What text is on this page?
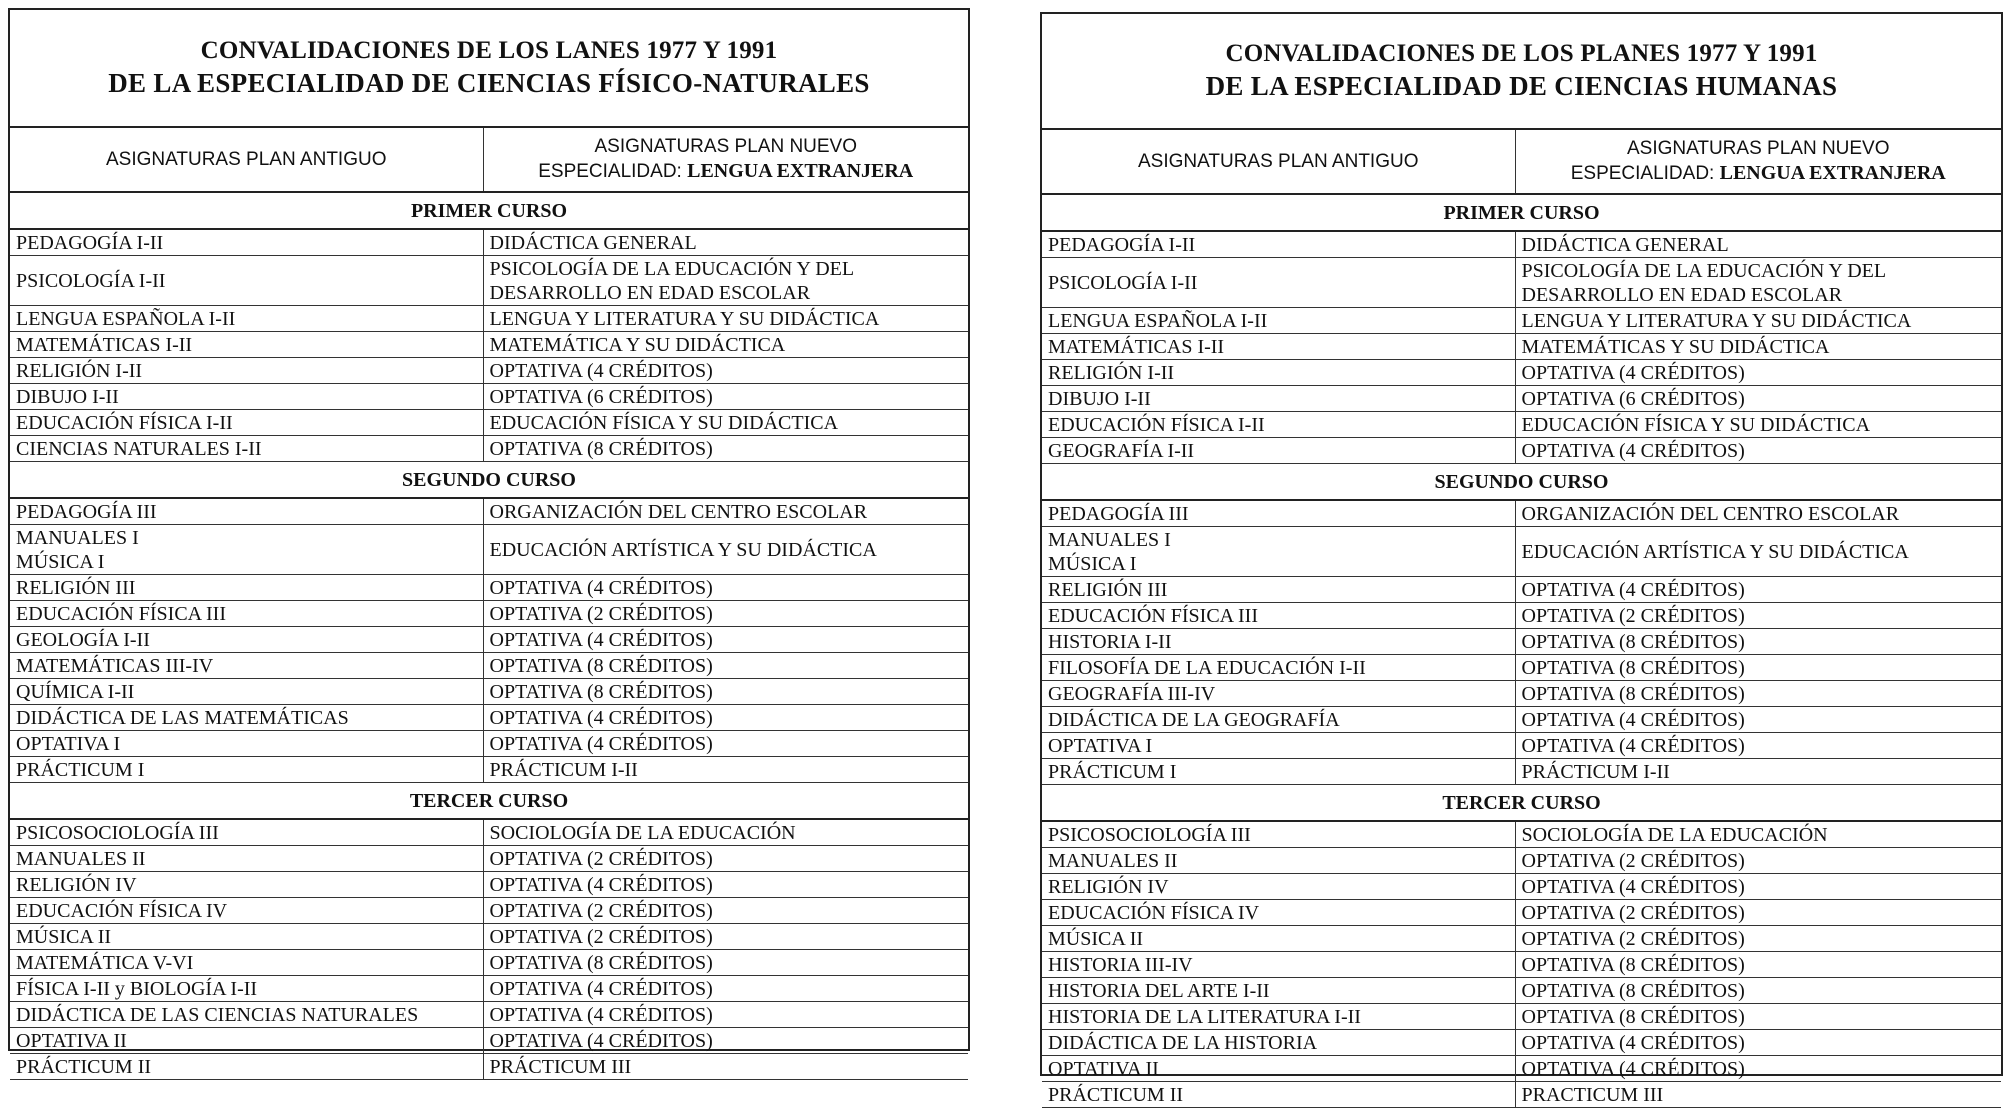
CONVALIDACIONES DE LOS LANES 1977 Y 1991
DE LA ESPECIALIDAD DE CIENCIAS FÍSICO-NATURALES
ASIGNATURAS PLAN ANTIGUO	ASIGNATURAS PLAN NUEVO
ESPECIALIDAD: LENGUA EXTRANJERA

PRIMER CURSO	

PEDAGOGÍA I-II	DIDÁCTICA GENERAL

PSICOLOGÍA I-II	PSICOLOGÍA DE LA EDUCACIÓN Y DEL
DESARROLLO EN EDAD ESCOLAR

LENGUA ESPAÑOLA I-II	LENGUA Y LITERATURA Y SU DIDÁCTICA

MATEMÁTICAS I-II	MATEMÁTICA Y SU DIDÁCTICA

RELIGIÓN I-II	OPTATIVA (4 CRÉDITOS)

DIBUJO I-II	OPTATIVA (6 CRÉDITOS)

EDUCACIÓN FÍSICA I-II	EDUCACIÓN FÍSICA Y SU DIDÁCTICA

CIENCIAS NATURALES I-II	OPTATIVA (8 CRÉDITOS)

SEGUNDO CURSO	

PEDAGOGÍA III	ORGANIZACIÓN DEL CENTRO ESCOLAR

MANUALES I
MÚSICA I	EDUCACIÓN ARTÍSTICA Y SU DIDÁCTICA

RELIGIÓN III	OPTATIVA (4 CRÉDITOS)

EDUCACIÓN FÍSICA III	OPTATIVA (2 CRÉDITOS)

GEOLOGÍA I-II	OPTATIVA (4 CRÉDITOS)

MATEMÁTICAS III-IV	OPTATIVA (8 CRÉDITOS)

QUÍMICA I-II	OPTATIVA (8 CRÉDITOS)

DIDÁCTICA DE LAS MATEMÁTICAS	OPTATIVA (4 CRÉDITOS)

OPTATIVA I	OPTATIVA (4 CRÉDITOS)

PRÁCTICUM I	PRÁCTICUM I-II

TERCER CURSO	

PSICOSOCIOLOGÍA III	SOCIOLOGÍA DE LA EDUCACIÓN

MANUALES II	OPTATIVA (2 CRÉDITOS)

RELIGIÓN IV	OPTATIVA (4 CRÉDITOS)

EDUCACIÓN FÍSICA IV	OPTATIVA (2 CRÉDITOS)

MÚSICA II	OPTATIVA (2 CRÉDITOS)

MATEMÁTICA V-VI	OPTATIVA (8 CRÉDITOS)

FÍSICA I-II y BIOLOGÍA I-II	OPTATIVA (4 CRÉDITOS)

DIDÁCTICA DE LAS CIENCIAS NATURALES	OPTATIVA (4 CRÉDITOS)

OPTATIVA II	OPTATIVA (4 CRÉDITOS)

PRÁCTICUM II	PRÁCTICUM III
CONVALIDACIONES DE LOS PLANES 1977 Y 1991
DE LA ESPECIALIDAD DE CIENCIAS HUMANAS
ASIGNATURAS PLAN ANTIGUO	ASIGNATURAS PLAN NUEVO
ESPECIALIDAD: LENGUA EXTRANJERA

PRIMER CURSO	

PEDAGOGÍA I-II	DIDÁCTICA GENERAL

PSICOLOGÍA I-II	PSICOLOGÍA DE LA EDUCACIÓN Y DEL
DESARROLLO EN EDAD ESCOLAR

LENGUA ESPAÑOLA I-II	LENGUA Y LITERATURA Y SU DIDÁCTICA

MATEMÁTICAS I-II	MATEMÁTICAS Y SU DIDÁCTICA

RELIGIÓN I-II	OPTATIVA (4 CRÉDITOS)

DIBUJO I-II	OPTATIVA (6 CRÉDITOS)

EDUCACIÓN FÍSICA I-II	EDUCACIÓN FÍSICA Y SU DIDÁCTICA

GEOGRAFÍA I-II	OPTATIVA (4 CRÉDITOS)

SEGUNDO CURSO	

PEDAGOGÍA III	ORGANIZACIÓN DEL CENTRO ESCOLAR

MANUALES I
MÚSICA I	EDUCACIÓN ARTÍSTICA Y SU DIDÁCTICA

RELIGIÓN III	OPTATIVA (4 CRÉDITOS)

EDUCACIÓN FÍSICA III	OPTATIVA (2 CRÉDITOS)

HISTORIA I-II	OPTATIVA (8 CRÉDITOS)

FILOSOFÍA DE LA EDUCACIÓN I-II	OPTATIVA (8 CRÉDITOS)

GEOGRAFÍA III-IV	OPTATIVA (8 CRÉDITOS)

DIDÁCTICA DE LA GEOGRAFÍA	OPTATIVA (4 CRÉDITOS)

OPTATIVA I	OPTATIVA (4 CRÉDITOS)

PRÁCTICUM I	PRÁCTICUM I-II

TERCER CURSO	

PSICOSOCIOLOGÍA III	SOCIOLOGÍA DE LA EDUCACIÓN

MANUALES II	OPTATIVA (2 CRÉDITOS)

RELIGIÓN IV	OPTATIVA (4 CRÉDITOS)

EDUCACIÓN FÍSICA IV	OPTATIVA (2 CRÉDITOS)

MÚSICA II	OPTATIVA (2 CRÉDITOS)

HISTORIA III-IV	OPTATIVA (8 CRÉDITOS)

HISTORIA DEL ARTE I-II	OPTATIVA (8 CRÉDITOS)

HISTORIA DE LA LITERATURA I-II	OPTATIVA (8 CRÉDITOS)

DIDÁCTICA DE LA HISTORIA	OPTATIVA (4 CRÉDITOS)

OPTATIVA II	OPTATIVA (4 CRÉDITOS)

PRÁCTICUM II	PRACTICUM III
